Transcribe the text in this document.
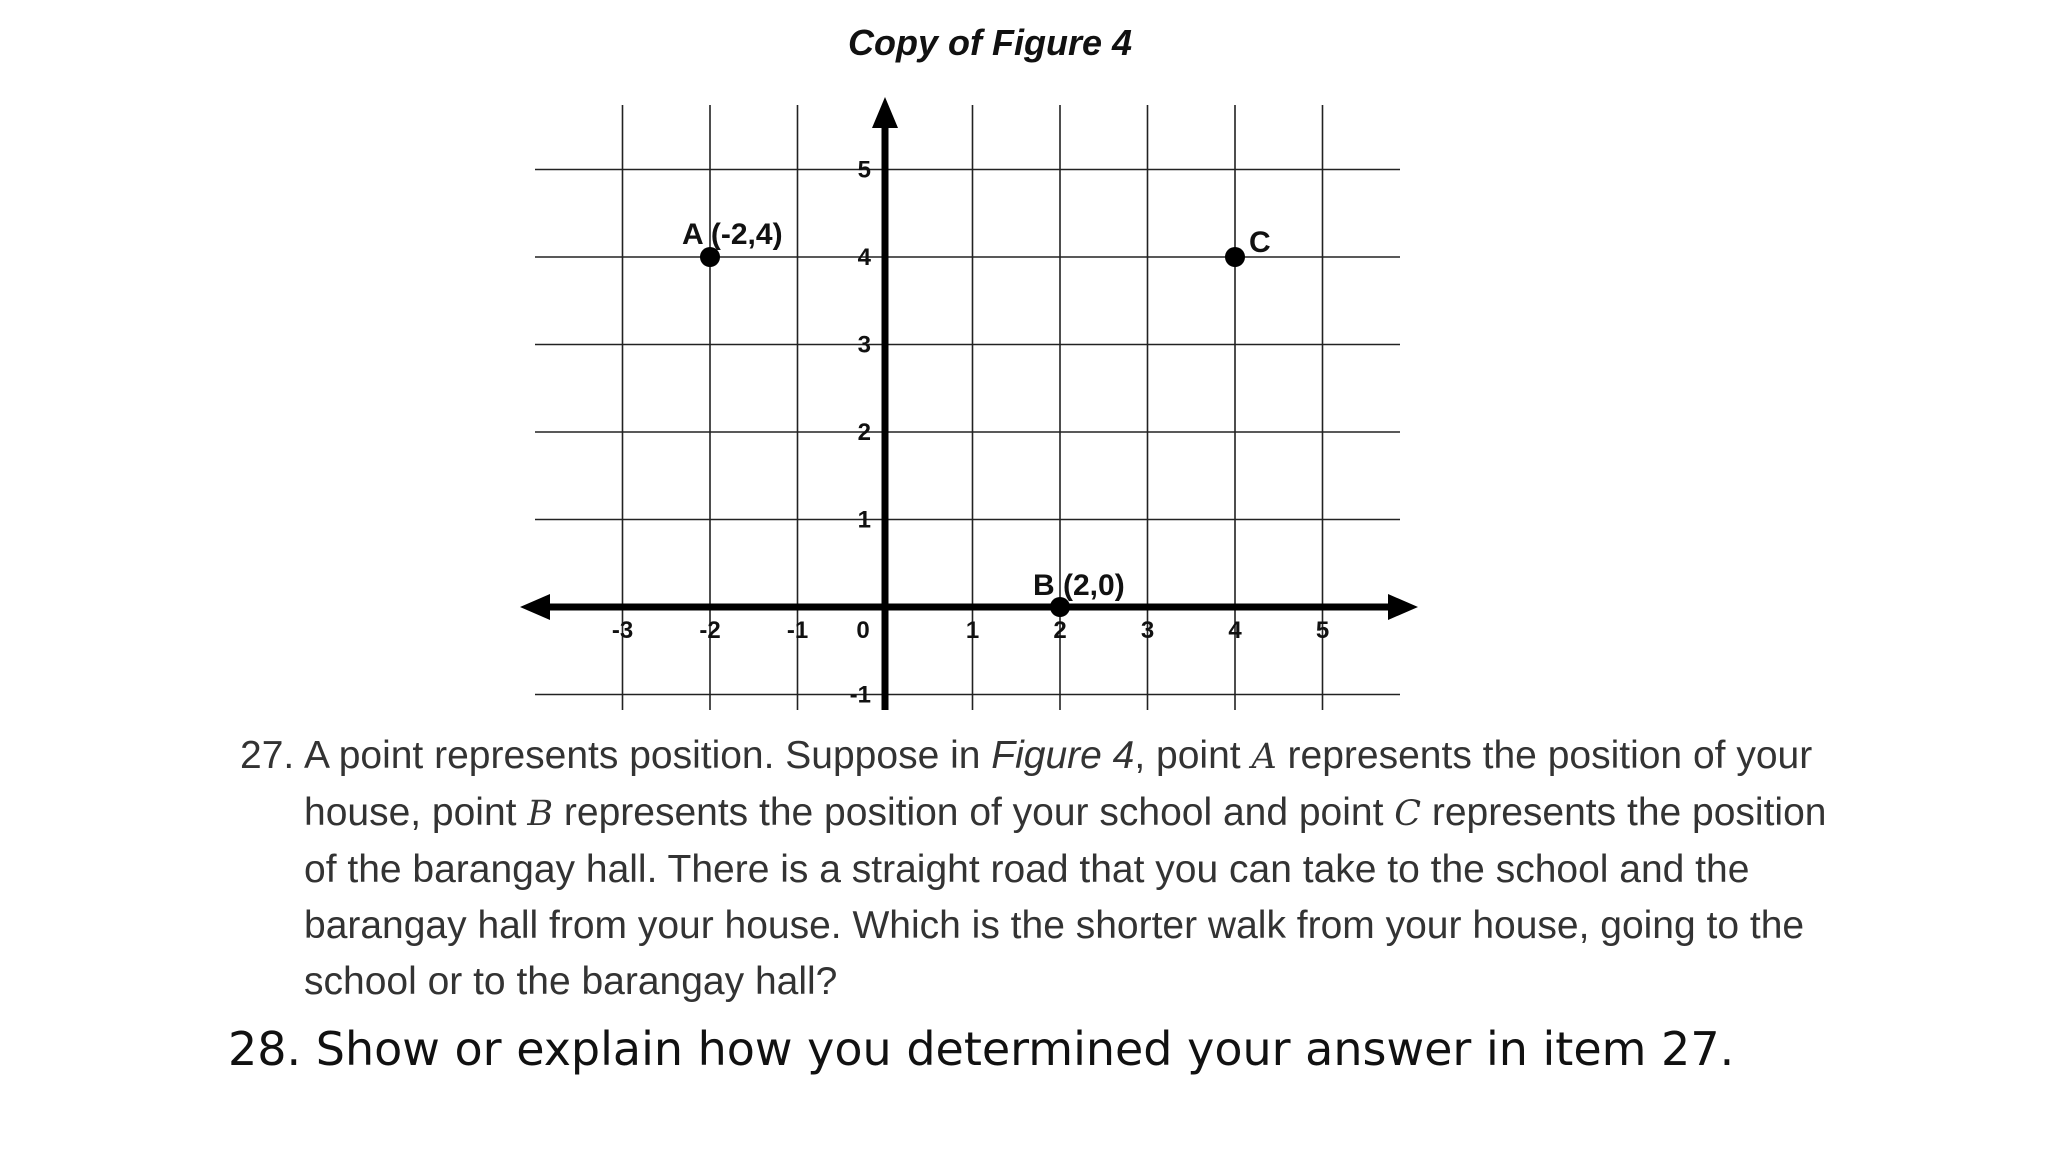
Copy of Figure 4
-3	-2	-1 0	1	2	3	4	5
5
4
3
2
1
-1
A (-2,4)
B (2,0)
C
27. A point represents position. Suppose in Figure 4, point A represents the position of your house, point B represents the position of your school and point C represents the position of the barangay hall. There is a straight road that you can take to the school and the barangay hall from your house. Which is the shorter walk from your house, going to the school or to the barangay hall?
28. Show or explain how you determined your answer in item 27.
